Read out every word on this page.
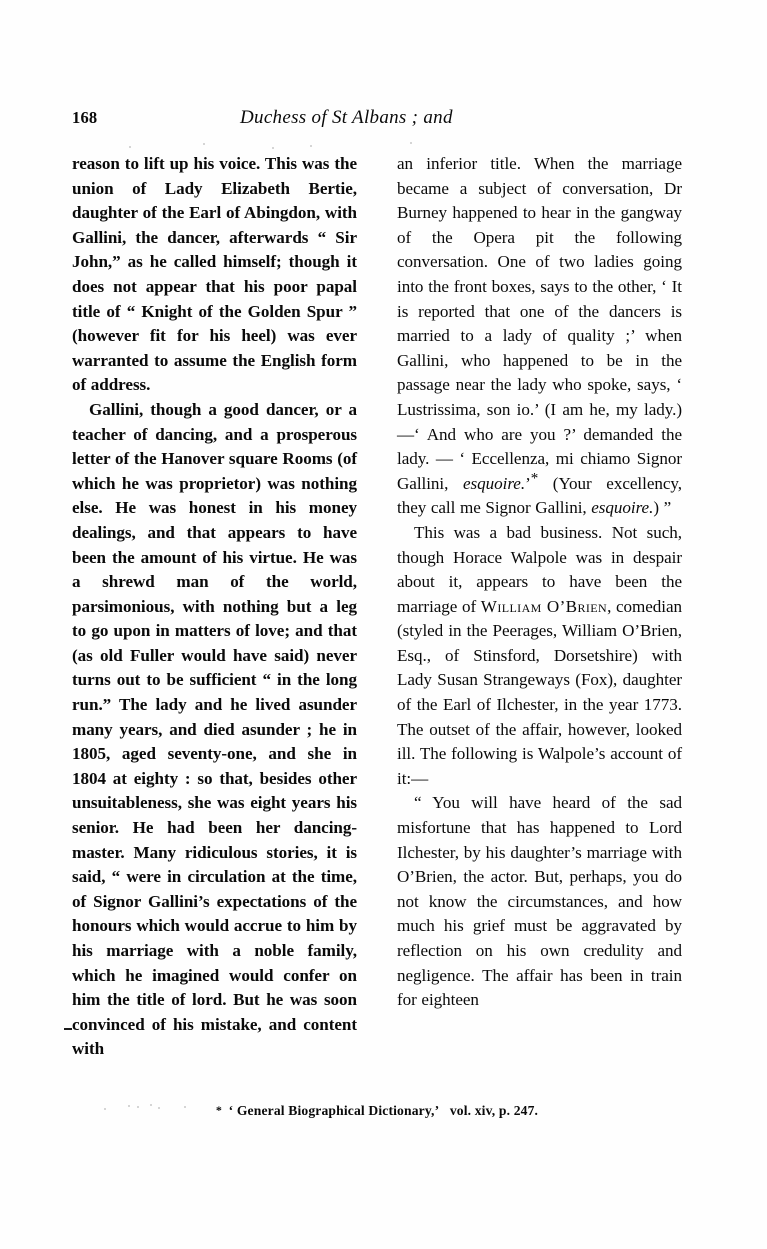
168	Duchess of St Albans ; and

reason to lift up his voice. This was the union of Lady Elizabeth Bertie, daughter of the Earl of Abingdon, with Gallini, the dancer, afterwards “ Sir John,” as he called himself; though it does not appear that his poor papal title of “ Knight of the Golden Spur ” (however fit for his heel) was ever warranted to assume the English form of address.

Gallini, though a good dancer, or a teacher of dancing, and a prosperous letter of the Hanover square Rooms (of which he was proprietor) was nothing else. He was honest in his money dealings, and that appears to have been the amount of his virtue. He was a shrewd man of the world, parsimonious, with nothing but a leg to go upon in matters of love; and that (as old Fuller would have said) never turns out to be sufficient “ in the long run.” The lady and he lived asunder many years, and died asunder ; he in 1805, aged seventy-one, and she in 1804 at eighty : so that, besides other unsuitableness, she was eight years his senior. He had been her dancing-master. Many ridiculous stories, it is said, “ were in circulation at the time, of Signor Gallini’s expectations of the honours which would accrue to him by his marriage with a noble family, which he imagined would confer on him the title of lord. But he was soon convinced of his mistake, and content with

an inferior title. When the marriage became a subject of conversation, Dr Burney happened to hear in the gangway of the Opera pit the following conversation. One of two ladies going into the front boxes, says to the other, ‘ It is reported that one of the dancers is married to a lady of quality ;’ when Gallini, who happened to be in the passage near the lady who spoke, says, ‘ Lustrissima, son io.’ (I am he, my lady.) —‘ And who are you ?’ demanded the lady. — ‘ Eccellenza, mi chiamo Signor Gallini, esquoire.’* (Your excellency, they call me Signor Gallini, esquoire.) ”

This was a bad business. Not such, though Horace Walpole was in despair about it, appears to have been the marriage of William O’Brien, comedian (styled in the Peerages, William O’Brien, Esq., of Stinsford, Dorsetshire) with Lady Susan Strangeways (Fox), daughter of the Earl of Ilchester, in the year 1773. The outset of the affair, however, looked ill. The following is Walpole’s account of it:—

“ You will have heard of the sad misfortune that has happened to Lord Ilchester, by his daughter’s marriage with O’Brien, the actor. But, perhaps, you do not know the circumstances, and how much his grief must be aggravated by reflection on his own credulity and negligence. The affair has been in train for eighteen

* ‘ General Biographical Dictionary,’ vol. xiv, p. 247.
